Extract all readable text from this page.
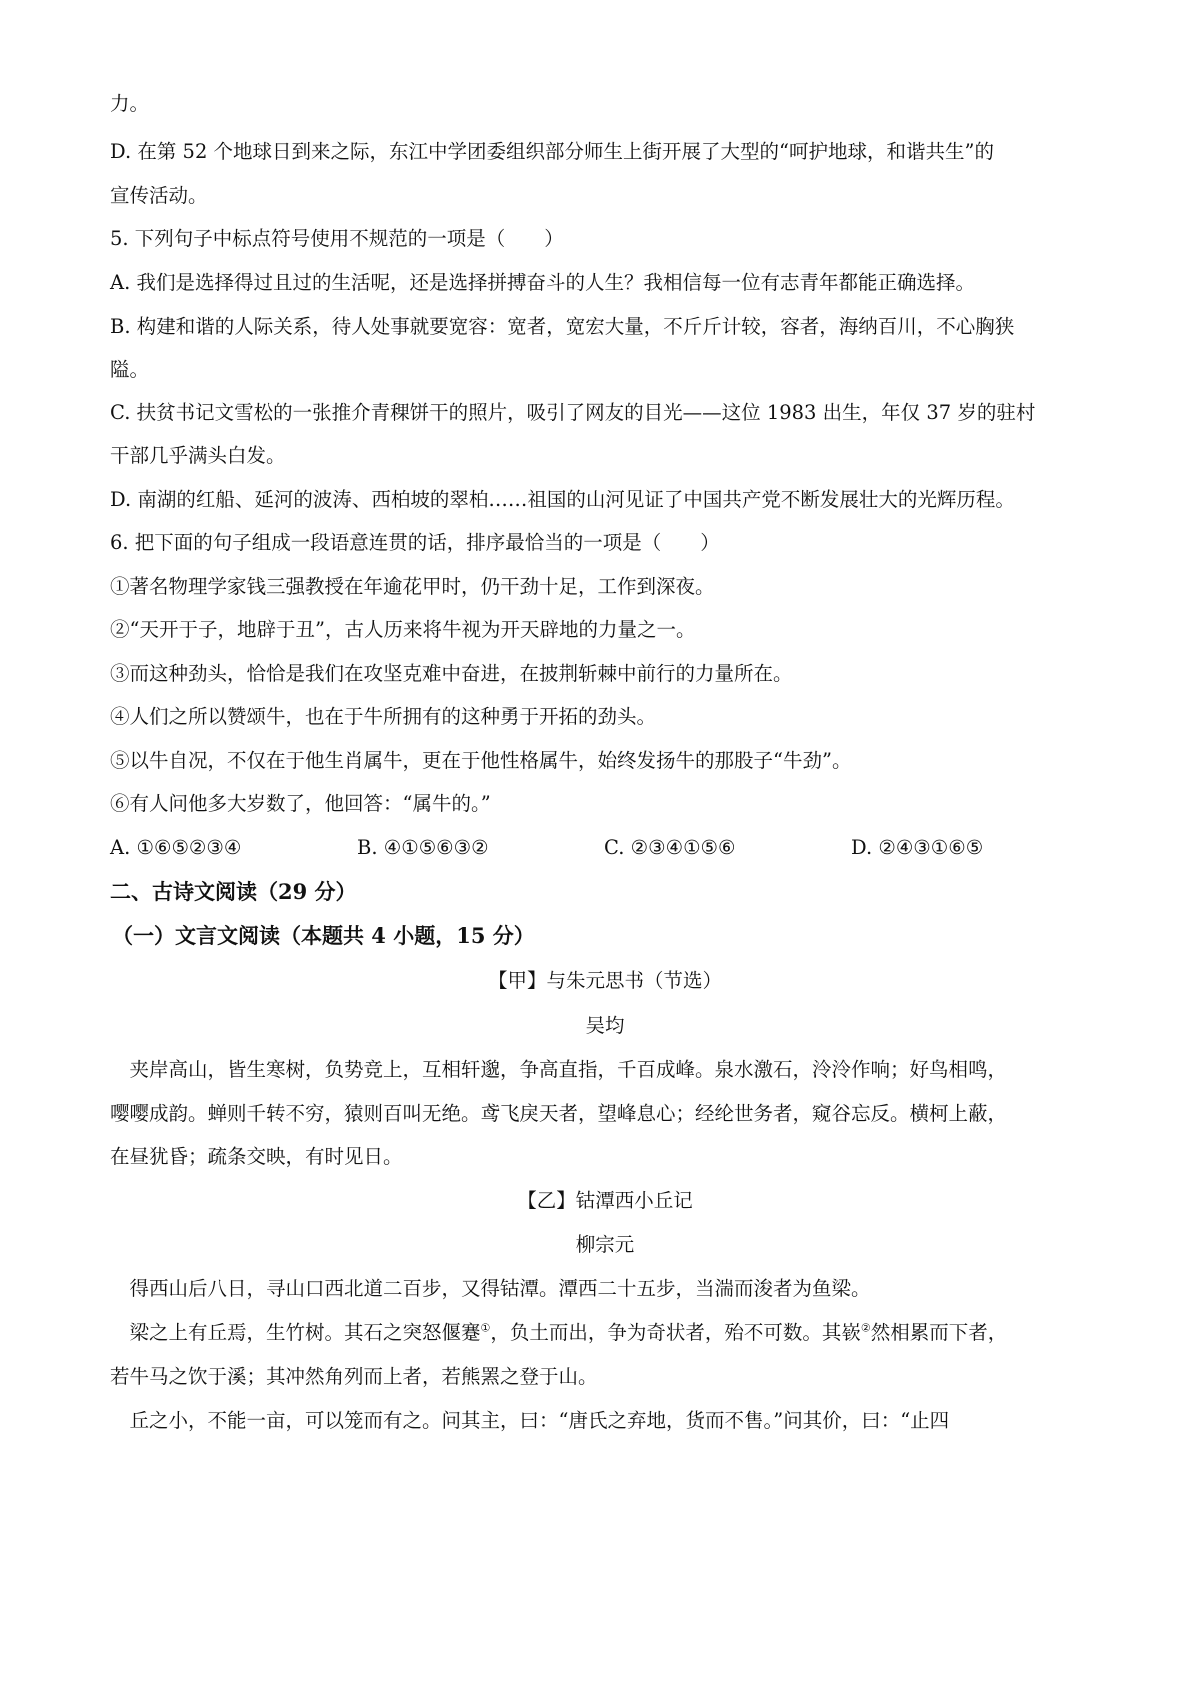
力。
D. 在第 52 个地球日到来之际，东江中学团委组织部分师生上街开展了大型的“呵护地球，和谐共生”的
宣传活动。
5. 下列句子中标点符号使用不规范的一项是（　　）
A. 我们是选择得过且过的生活呢，还是选择拼搏奋斗的人生？我相信每一位有志青年都能正确选择。
B. 构建和谐的人际关系，待人处事就要宽容：宽者，宽宏大量，不斤斤计较，容者，海纳百川，不心胸狭
隘。
C. 扶贫书记文雪松的一张推介青稞饼干的照片，吸引了网友的目光——这位 1983 出生，年仅 37 岁的驻村
干部几乎满头白发。
D. 南湖的红船、延河的波涛、西柏坡的翠柏……祖国的山河见证了中国共产党不断发展壮大的光辉历程。
6. 把下面的句子组成一段语意连贯的话，排序最恰当的一项是（　　）
①著名物理学家钱三强教授在年逾花甲时，仍干劲十足，工作到深夜。
②“天开于子，地辟于丑”，古人历来将牛视为开天辟地的力量之一。
③而这种劲头，恰恰是我们在攻坚克难中奋进，在披荆斩棘中前行的力量所在。
④人们之所以赞颂牛，也在于牛所拥有的这种勇于开拓的劲头。
⑤以牛自况，不仅在于他生肖属牛，更在于他性格属牛，始终发扬牛的那股子“牛劲”。
⑥有人问他多大岁数了，他回答：“属牛的。”
A. ①⑥⑤②③④	B. ④①⑤⑥③②	C. ②③④①⑤⑥	D. ②④③①⑥⑤
二、古诗文阅读（29 分）
（一）文言文阅读（本题共 4 小题，15 分）
【甲】与朱元思书（节选）
吴均
　夹岸高山，皆生寒树，负势竞上，互相轩邈，争高直指，千百成峰。泉水激石，泠泠作响；好鸟相鸣，
嘤嘤成韵。蝉则千转不穷，猿则百叫无绝。鸢飞戾天者，望峰息心；经纶世务者，窥谷忘反。横柯上蔽，
在昼犹昏；疏条交映，有时见日。
【乙】钴潭西小丘记
柳宗元
　得西山后八日，寻山口西北道二百步，又得钴潭。潭西二十五步，当湍而浚者为鱼梁。
　梁之上有丘焉，生竹树。其石之突怒偃蹇①，负土而出，争为奇状者，殆不可数。其嵚②然相累而下者，
若牛马之饮于溪；其冲然角列而上者，若熊罴之登于山。
　丘之小，不能一亩，可以笼而有之。问其主，曰：“唐氏之弃地，货而不售。”问其价，曰：“止四
